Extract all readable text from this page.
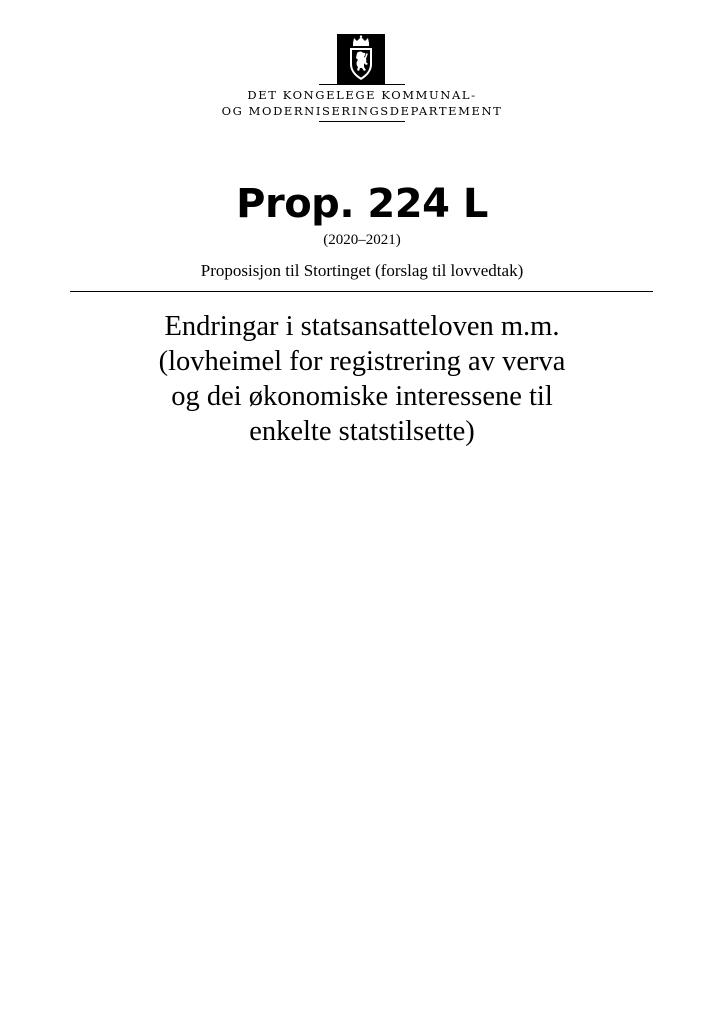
DET KONGELEGE KOMMUNAL-
OG MODERNISERINGSDEPARTEMENT
Prop. 224 L
(2020–2021)
Proposisjon til Stortinget (forslag til lovvedtak)
Endringar i statsansatteloven m.m.
(lovheimel for registrering av verva
og dei økonomiske interessene til
enkelte statstilsette)
